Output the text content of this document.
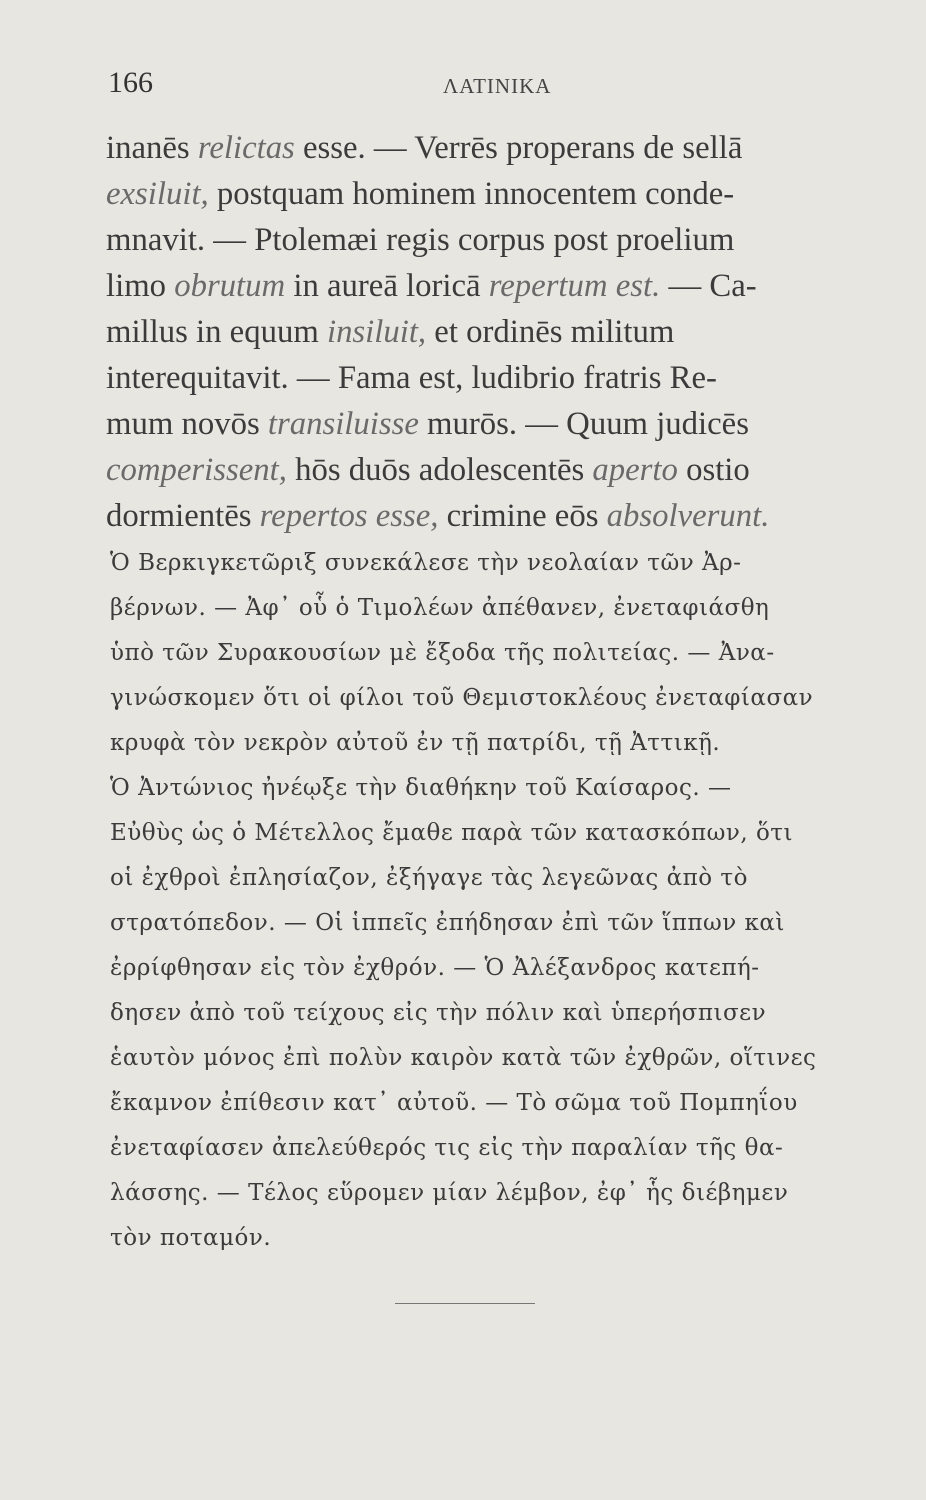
166	ΛΑΤΙΝΙΚΑ
inanēs relictas esse. — Verrēs properans de sellā
exsiluit, postquam hominem innocentem conde-
mnavit. — Ptolemæi regis corpus post proelium
limo obrutum in aureā loricā repertum est. — Ca-
millus in equum insiluit, et ordinēs militum
interequitavit. — Fama est, ludibrio fratris Re-
mum novōs transiluisse murōs. — Quum judicēs
comperissent, hōs duōs adolescentēs aperto ostio
dormientēs repertos esse, crimine eōs absolverunt.
Ὁ Βερκιγκετῶριξ συνεκάλεσε τὴν νεολαίαν τῶν Ἀρ-
βέρνων. — Ἀφ᾽ οὗ ὁ Τιμολέων ἀπέθανεν, ἐνεταφιάσθη
ὑπὸ τῶν Συρακουσίων μὲ ἔξοδα τῆς πολιτείας. — Ἀνα-
γινώσκομεν ὅτι οἱ φίλοι τοῦ Θεμιστοκλέους ἐνεταφίασαν
κρυφὰ τὸν νεκρὸν αὐτοῦ ἐν τῇ πατρίδι, τῇ Ἀττικῇ.
Ὁ Ἀντώνιος ἠνέῳξε τὴν διαθήκην τοῦ Καίσαρος. —
Εὐθὺς ὡς ὁ Μέτελλος ἔμαθε παρὰ τῶν κατασκόπων, ὅτι
οἱ ἐχθροὶ ἐπλησίαζον, ἐξήγαγε τὰς λεγεῶνας ἀπὸ τὸ
στρατόπεδον. — Οἱ ἱππεῖς ἐπήδησαν ἐπὶ τῶν ἵππων καὶ
ἐρρίφθησαν εἰς τὸν ἐχθρόν. — Ὁ Ἀλέξανδρος κατεπή-
δησεν ἀπὸ τοῦ τείχους εἰς τὴν πόλιν καὶ ὑπερήσπισεν
ἑαυτὸν μόνος ἐπὶ πολὺν καιρὸν κατὰ τῶν ἐχθρῶν, οἵτινες
ἔκαμνον ἐπίθεσιν κατ᾽ αὐτοῦ. — Τὸ σῶμα τοῦ Πομπηΐου
ἐνεταφίασεν ἀπελεύθερός τις εἰς τὴν παραλίαν τῆς θα-
λάσσης. — Τέλος εὕρομεν μίαν λέμβον, ἐφ᾽ ἧς διέβημεν
τὸν ποταμόν.
